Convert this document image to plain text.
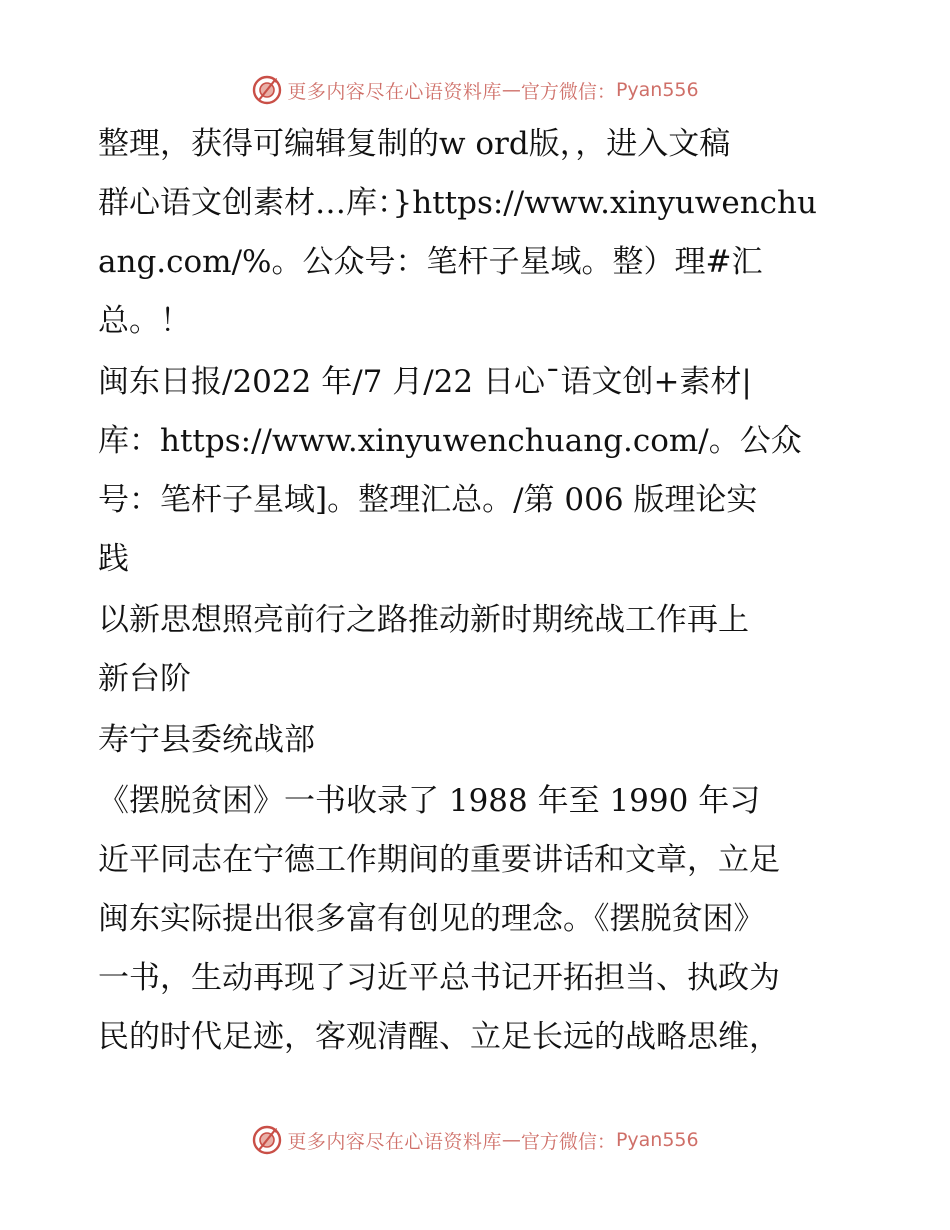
更多内容尽在心语资料库 — 官方微信： Pyan556

整理，获得可编辑复制的w ord版，，进入文稿
群心语文创素材…库：}https://www.xinyuwenchu
ang.com/%。公众号：笔杆子星域。整）理#汇
总。！

闽东日报/2022 年/7 月/22 日心¯语文创+素材|
库：https://www.xinyuwenchuang.com/。公众
号：笔杆子星域]。整理汇总。/第 006 版理论实
践

以新思想照亮前行之路推动新时期统战工作再上
新台阶

寿宁县委统战部

《摆脱贫困》一书收录了 1988 年至 1990 年习
近平同志在宁德工作期间的重要讲话和文章，立足
闽东实际提出很多富有创见的理念。《摆脱贫困》
一书，生动再现了习近平总书记开拓担当、执政为
民的时代足迹，客观清醒、立足长远的战略思维，

更多内容尽在心语资料库 — 官方微信： Pyan556
